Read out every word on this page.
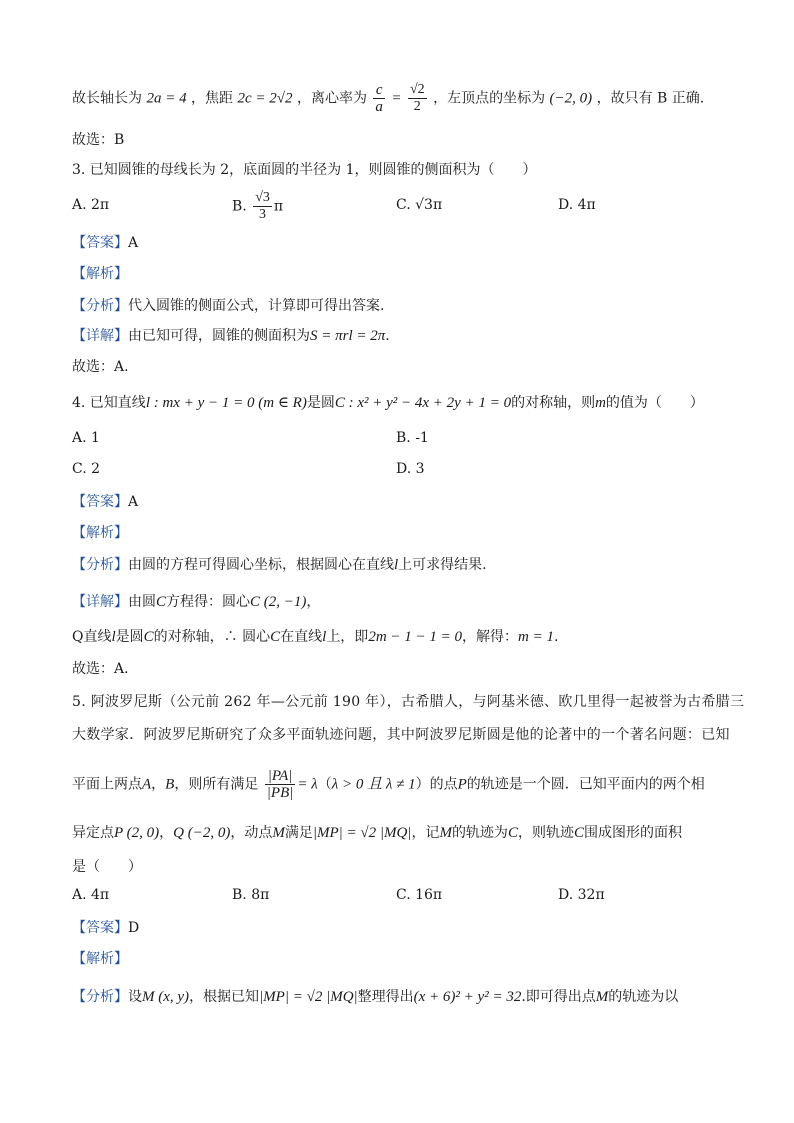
故长轴长为 2a = 4 ，焦距 2c = 2√2 ，离心率为 $\frac{c}{a} = \frac{√2}{2}$ ，左顶点的坐标为 (−2, 0) ，故只有 B 正确.
故选：B
3. 已知圆锥的母线长为 2，底面圆的半径为 1，则圆锥的侧面积为（　　）
A. 2π	B. $\frac{√3}{3}$ π	C. √3π	D. 4π
【答案】A
【解析】
【分析】代入圆锥的侧面公式，计算即可得出答案.
【详解】由已知可得，圆锥的侧面积为S = πrl = 2π.
故选：A.
4. 已知直线l : mx + y − 1 = 0 (m ∈ R)是圆C : x² + y² − 4x + 2y + 1 = 0的对称轴，则m的值为（　　）
A. 1	B. -1
C. 2	D. 3
【答案】A
【解析】
【分析】由圆的方程可得圆心坐标，根据圆心在直线l上可求得结果.
【详解】由圆C方程得：圆心C (2, −1)，
Q直线l是圆C的对称轴，∴ 圆心C在直线l上，即2m − 1 − 1 = 0，解得：m = 1.
故选：A.
5. 阿波罗尼斯（公元前 262 年—公元前 190 年），古希腊人，与阿基米德、欧几里得一起被誉为古希腊三
大数学家．阿波罗尼斯研究了众多平面轨迹问题，其中阿波罗尼斯圆是他的论著中的一个著名问题：已知
平面上两点A，B，则所有满足 $\frac{|PA|}{|PB|} = \lambda(\lambda > 0$ 且 λ ≠ 1）的点P的轨迹是一个圆．已知平面内的两个相
异定点P (2, 0)，Q (−2, 0)，动点M满足|MP| = √2 |MQ|，记M的轨迹为C，则轨迹C围成图形的面积
是（　　）
A. 4π	B. 8π	C. 16π	D. 32π
【答案】D
【解析】
【分析】设M (x, y)，根据已知|MP| = √2 |MQ|整理得出(x + 6)² + y² = 32.即可得出点M的轨迹为以
